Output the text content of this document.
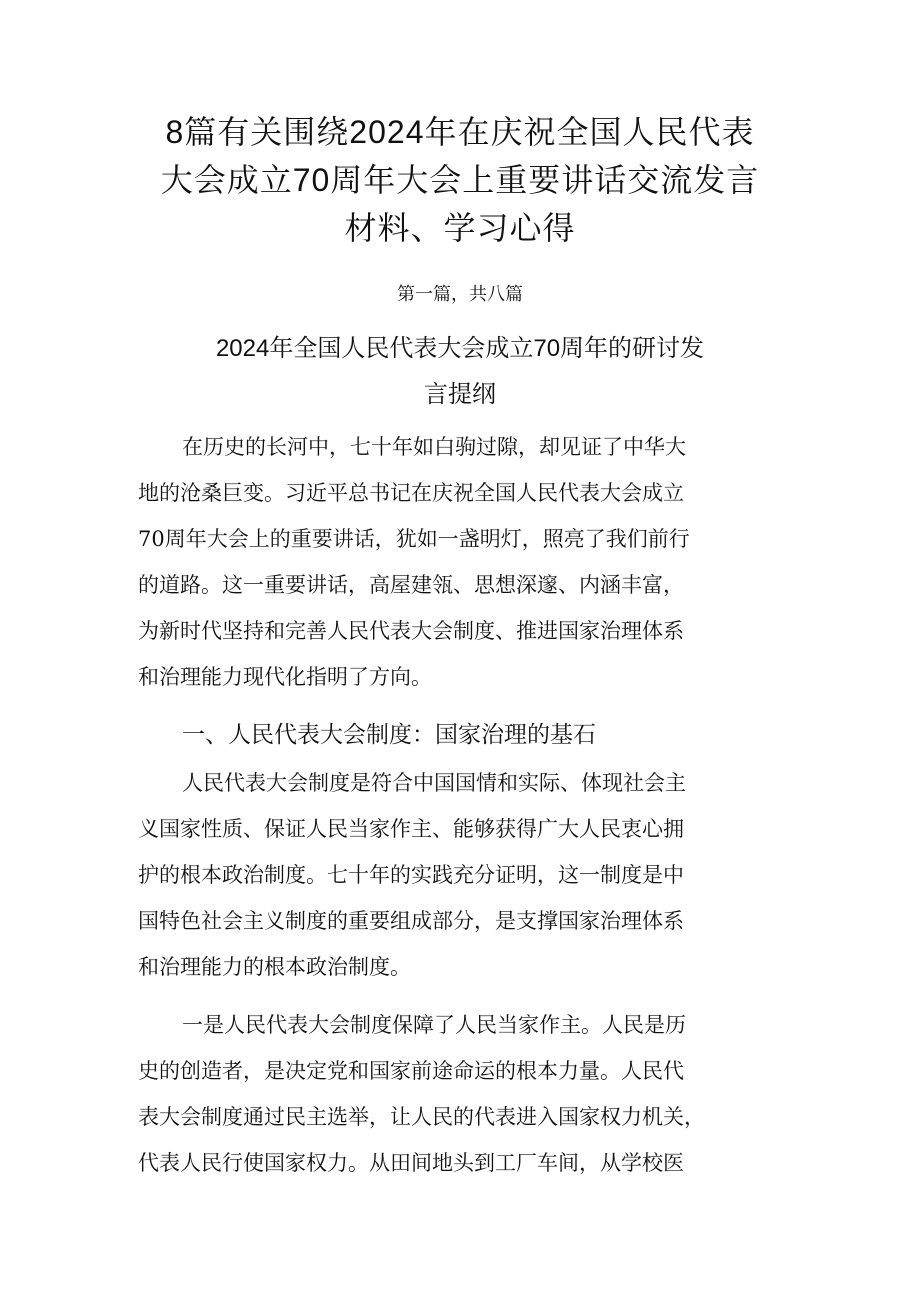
8篇有关围绕2024年在庆祝全国人民代表
大会成立70周年大会上重要讲话交流发言
材料、学习心得

第一篇，共八篇

2024年全国人民代表大会成立70周年的研讨发
言提纲
在历史的长河中，七十年如白驹过隙，却见证了中华大
地的沧桑巨变。习近平总书记在庆祝全国人民代表大会成立
70周年大会上的重要讲话，犹如一盏明灯，照亮了我们前行
的道路。这一重要讲话，高屋建瓴、思想深邃、内涵丰富，
为新时代坚持和完善人民代表大会制度、推进国家治理体系
和治理能力现代化指明了方向。
一、人民代表大会制度：国家治理的基石
人民代表大会制度是符合中国国情和实际、体现社会主
义国家性质、保证人民当家作主、能够获得广大人民衷心拥
护的根本政治制度。七十年的实践充分证明，这一制度是中
国特色社会主义制度的重要组成部分，是支撑国家治理体系
和治理能力的根本政治制度。
一是人民代表大会制度保障了人民当家作主。人民是历
史的创造者，是决定党和国家前途命运的根本力量。人民代
表大会制度通过民主选举，让人民的代表进入国家权力机关，
代表人民行使国家权力。从田间地头到工厂车间，从学校医
